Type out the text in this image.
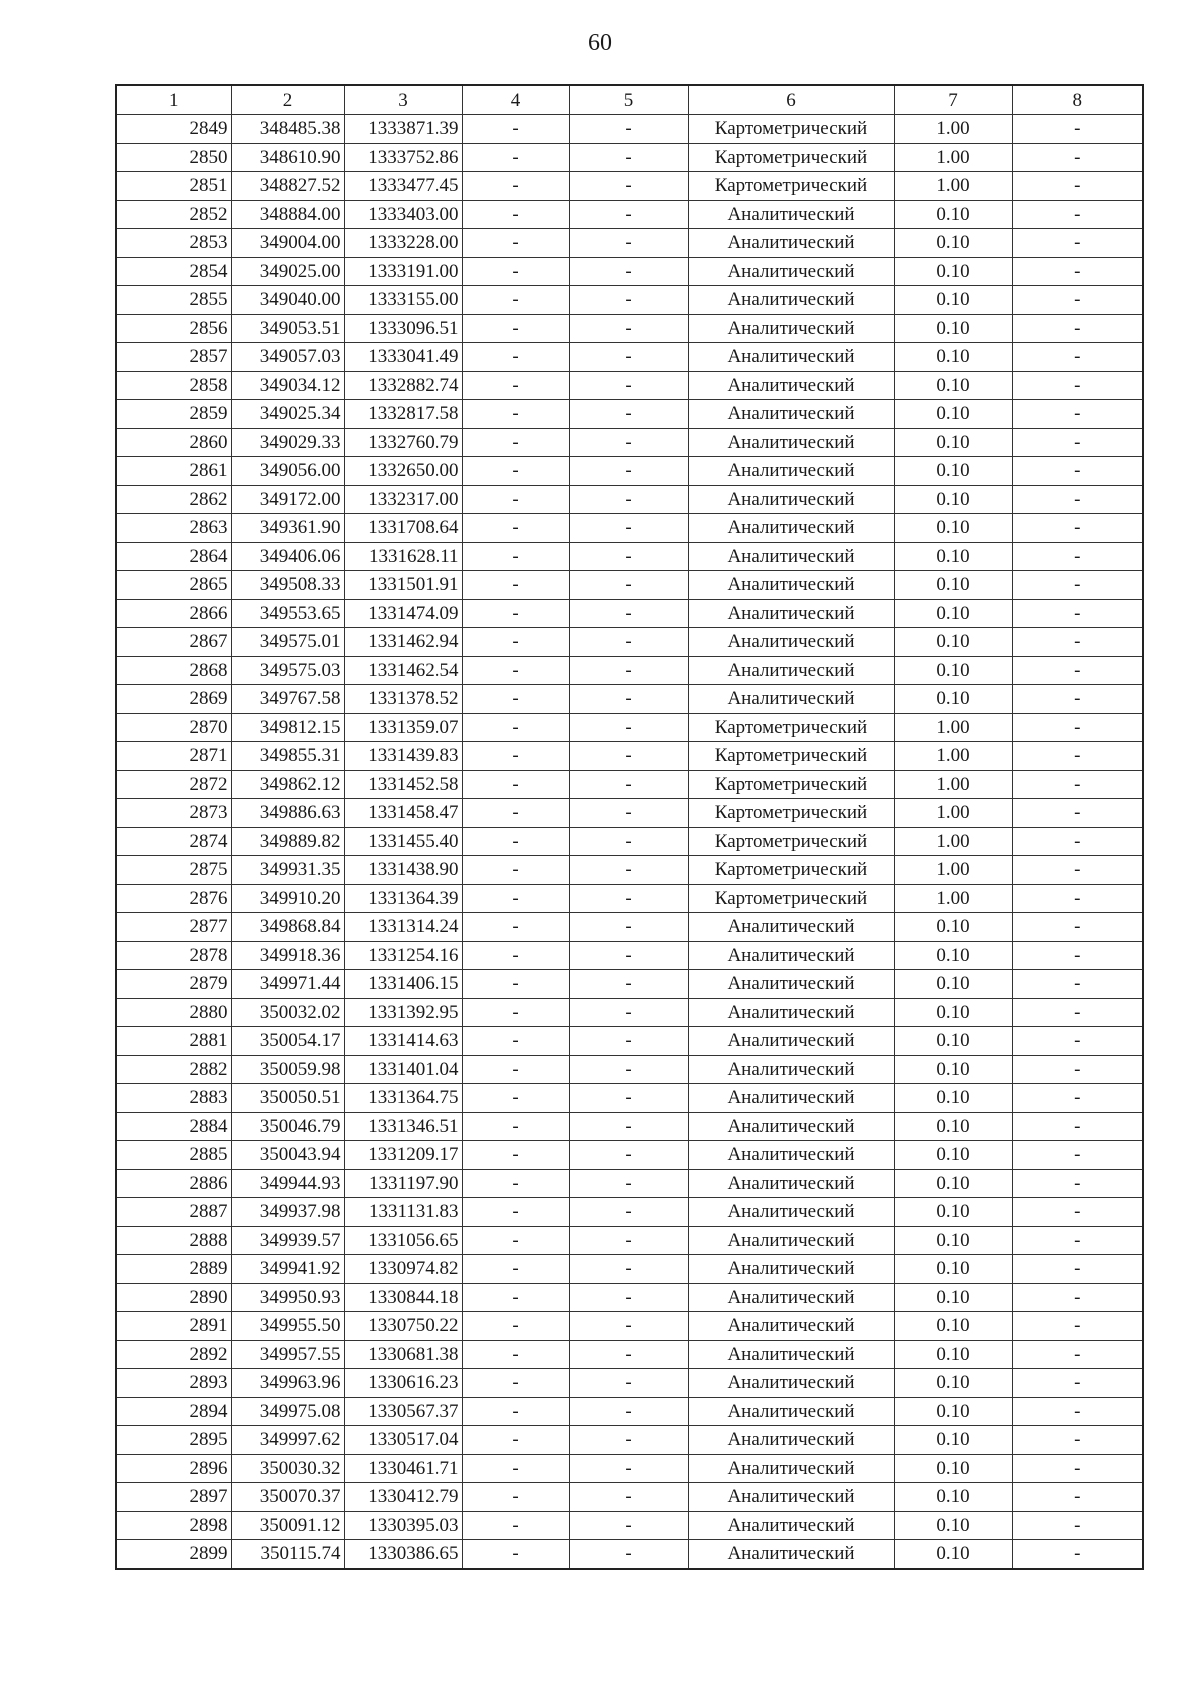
60
1	2	3	4	5	6	7	8
2849	348485.38	1333871.39	-	-	Картометрический	1.00	-
2850	348610.90	1333752.86	-	-	Картометрический	1.00	-
2851	348827.52	1333477.45	-	-	Картометрический	1.00	-
2852	348884.00	1333403.00	-	-	Аналитический	0.10	-
2853	349004.00	1333228.00	-	-	Аналитический	0.10	-
2854	349025.00	1333191.00	-	-	Аналитический	0.10	-
2855	349040.00	1333155.00	-	-	Аналитический	0.10	-
2856	349053.51	1333096.51	-	-	Аналитический	0.10	-
2857	349057.03	1333041.49	-	-	Аналитический	0.10	-
2858	349034.12	1332882.74	-	-	Аналитический	0.10	-
2859	349025.34	1332817.58	-	-	Аналитический	0.10	-
2860	349029.33	1332760.79	-	-	Аналитический	0.10	-
2861	349056.00	1332650.00	-	-	Аналитический	0.10	-
2862	349172.00	1332317.00	-	-	Аналитический	0.10	-
2863	349361.90	1331708.64	-	-	Аналитический	0.10	-
2864	349406.06	1331628.11	-	-	Аналитический	0.10	-
2865	349508.33	1331501.91	-	-	Аналитический	0.10	-
2866	349553.65	1331474.09	-	-	Аналитический	0.10	-
2867	349575.01	1331462.94	-	-	Аналитический	0.10	-
2868	349575.03	1331462.54	-	-	Аналитический	0.10	-
2869	349767.58	1331378.52	-	-	Аналитический	0.10	-
2870	349812.15	1331359.07	-	-	Картометрический	1.00	-
2871	349855.31	1331439.83	-	-	Картометрический	1.00	-
2872	349862.12	1331452.58	-	-	Картометрический	1.00	-
2873	349886.63	1331458.47	-	-	Картометрический	1.00	-
2874	349889.82	1331455.40	-	-	Картометрический	1.00	-
2875	349931.35	1331438.90	-	-	Картометрический	1.00	-
2876	349910.20	1331364.39	-	-	Картометрический	1.00	-
2877	349868.84	1331314.24	-	-	Аналитический	0.10	-
2878	349918.36	1331254.16	-	-	Аналитический	0.10	-
2879	349971.44	1331406.15	-	-	Аналитический	0.10	-
2880	350032.02	1331392.95	-	-	Аналитический	0.10	-
2881	350054.17	1331414.63	-	-	Аналитический	0.10	-
2882	350059.98	1331401.04	-	-	Аналитический	0.10	-
2883	350050.51	1331364.75	-	-	Аналитический	0.10	-
2884	350046.79	1331346.51	-	-	Аналитический	0.10	-
2885	350043.94	1331209.17	-	-	Аналитический	0.10	-
2886	349944.93	1331197.90	-	-	Аналитический	0.10	-
2887	349937.98	1331131.83	-	-	Аналитический	0.10	-
2888	349939.57	1331056.65	-	-	Аналитический	0.10	-
2889	349941.92	1330974.82	-	-	Аналитический	0.10	-
2890	349950.93	1330844.18	-	-	Аналитический	0.10	-
2891	349955.50	1330750.22	-	-	Аналитический	0.10	-
2892	349957.55	1330681.38	-	-	Аналитический	0.10	-
2893	349963.96	1330616.23	-	-	Аналитический	0.10	-
2894	349975.08	1330567.37	-	-	Аналитический	0.10	-
2895	349997.62	1330517.04	-	-	Аналитический	0.10	-
2896	350030.32	1330461.71	-	-	Аналитический	0.10	-
2897	350070.37	1330412.79	-	-	Аналитический	0.10	-
2898	350091.12	1330395.03	-	-	Аналитический	0.10	-
2899	350115.74	1330386.65	-	-	Аналитический	0.10	-
